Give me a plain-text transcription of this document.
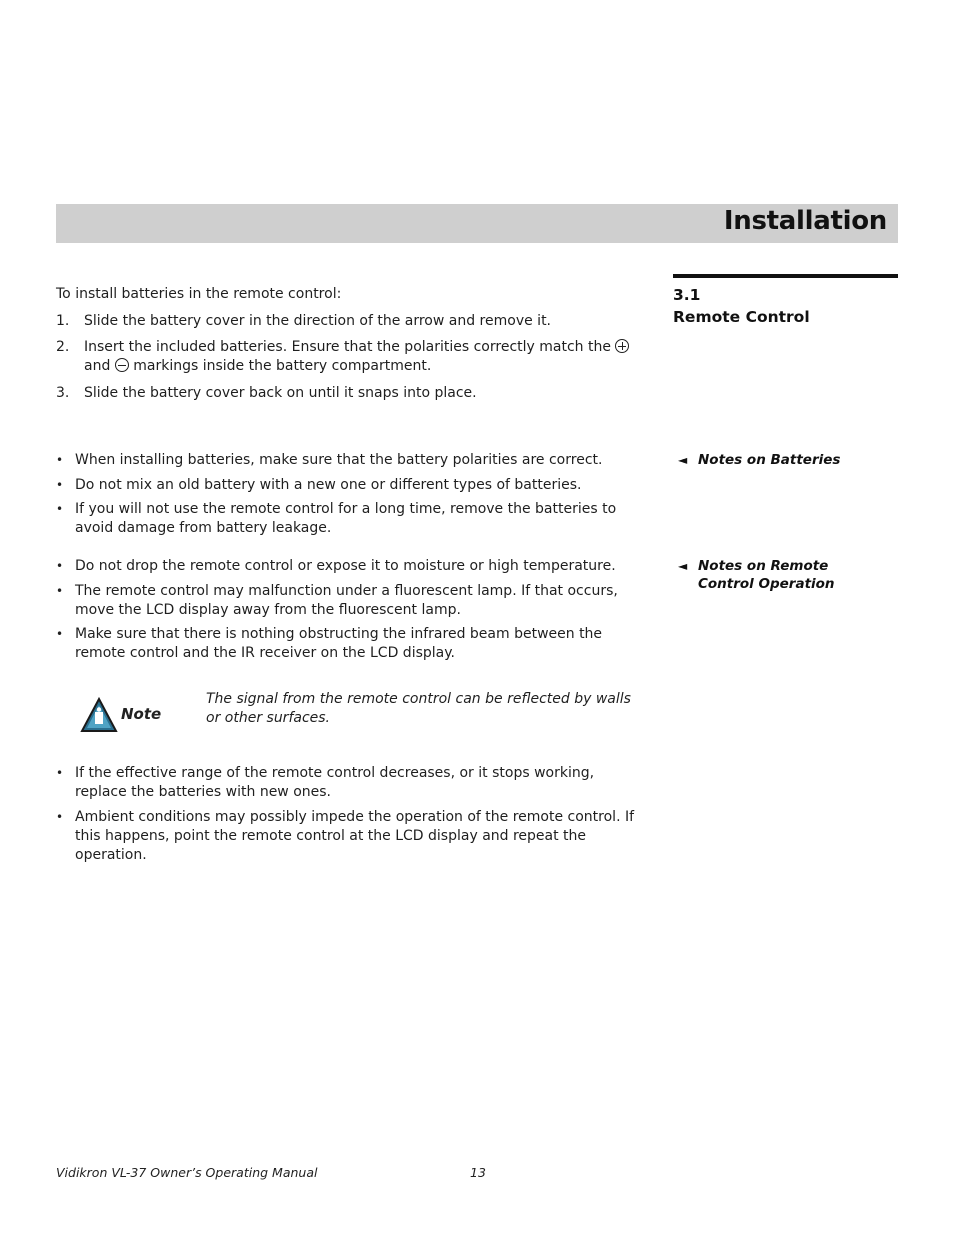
Installation
3.1
Remote Control
To install batteries in the remote control:
1. Slide the battery cover in the direction of the arrow and remove it.
2. Insert the included batteries. Ensure that the polarities correctly match the
and markings inside the battery compartment.
3. Slide the battery cover back on until it snaps into place.
◄ Notes on Batteries
• When installing batteries, make sure that the battery polarities are correct.
• Do not mix an old battery with a new one or different types of batteries.
• If you will not use the remote control for a long time, remove the batteries to avoid damage from battery leakage.
◄ Notes on Remote Control Operation
• Do not drop the remote control or expose it to moisture or high temperature.
• The remote control may malfunction under a fluorescent lamp. If that occurs, move the LCD display away from the fluorescent lamp.
• Make sure that there is nothing obstructing the infrared beam between the remote control and the IR receiver on the LCD display.
Note
The signal from the remote control can be reflected by walls or other surfaces.
• If the effective range of the remote control decreases, or it stops working, replace the batteries with new ones.
• Ambient conditions may possibly impede the operation of the remote control. If this happens, point the remote control at the LCD display and repeat the operation.
Vidikron VL-37 Owner’s Operating Manual	13
